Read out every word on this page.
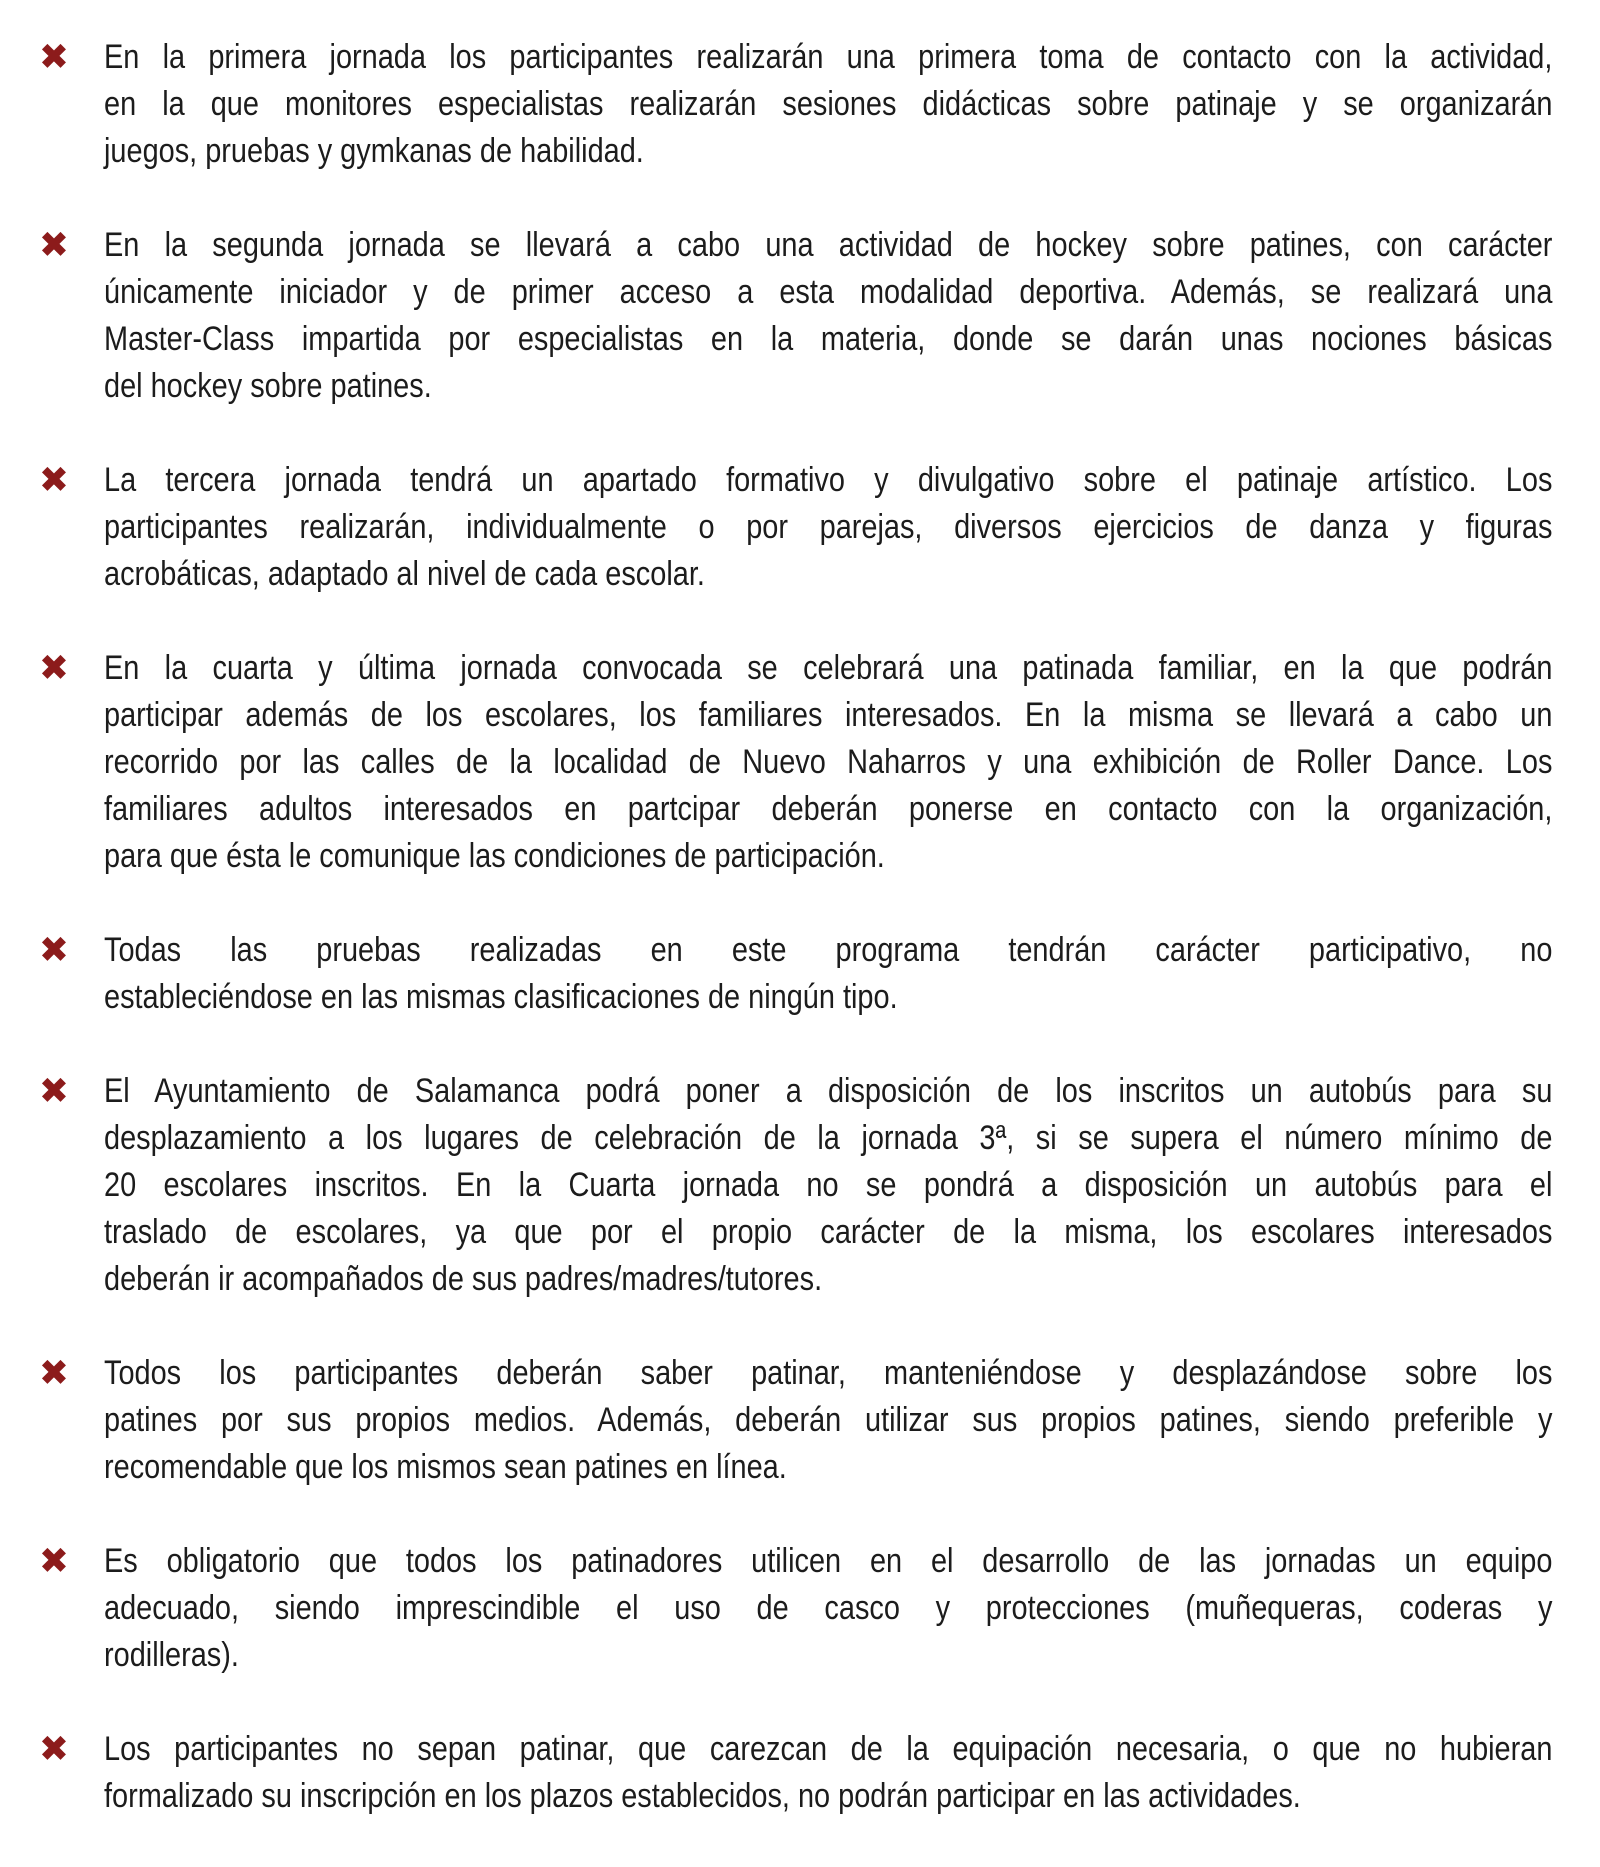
✖ En la primera jornada los participantes realizarán una primera toma de contacto con la actividad,
en la que monitores especialistas realizarán sesiones didácticas sobre patinaje y se organizarán
juegos, pruebas y gymkanas de habilidad.
✖ En la segunda jornada se llevará a cabo una actividad de hockey sobre patines, con carácter
únicamente iniciador y de primer acceso a esta modalidad deportiva. Además, se realizará una
Master-Class impartida por especialistas en la materia, donde se darán unas nociones básicas
del hockey sobre patines.
✖ La tercera jornada tendrá un apartado formativo y divulgativo sobre el patinaje artístico. Los
participantes realizarán, individualmente o por parejas, diversos ejercicios de danza y figuras
acrobáticas, adaptado al nivel de cada escolar.
✖ En la cuarta y última jornada convocada se celebrará una patinada familiar, en la que podrán
participar además de los escolares, los familiares interesados. En la misma se llevará a cabo un
recorrido por las calles de la localidad de Nuevo Naharros y una exhibición de Roller Dance. Los
familiares adultos interesados en partcipar deberán ponerse en contacto con la organización,
para que ésta le comunique las condiciones de participación.
✖ Todas las pruebas realizadas en este programa tendrán carácter participativo, no
estableciéndose en las mismas clasificaciones de ningún tipo.
✖ El Ayuntamiento de Salamanca podrá poner a disposición de los inscritos un autobús para su
desplazamiento a los lugares de celebración de la jornada 3ª, si se supera el número mínimo de
20 escolares inscritos. En la Cuarta jornada no se pondrá a disposición un autobús para el
traslado de escolares, ya que por el propio carácter de la misma, los escolares interesados
deberán ir acompañados de sus padres/madres/tutores.
✖ Todos los participantes deberán saber patinar, manteniéndose y desplazándose sobre los
patines por sus propios medios. Además, deberán utilizar sus propios patines, siendo preferible y
recomendable que los mismos sean patines en línea.
✖ Es obligatorio que todos los patinadores utilicen en el desarrollo de las jornadas un equipo
adecuado, siendo imprescindible el uso de casco y protecciones (muñequeras, coderas y
rodilleras).
✖ Los participantes no sepan patinar, que carezcan de la equipación necesaria, o que no hubieran
formalizado su inscripción en los plazos establecidos, no podrán participar en las actividades.
